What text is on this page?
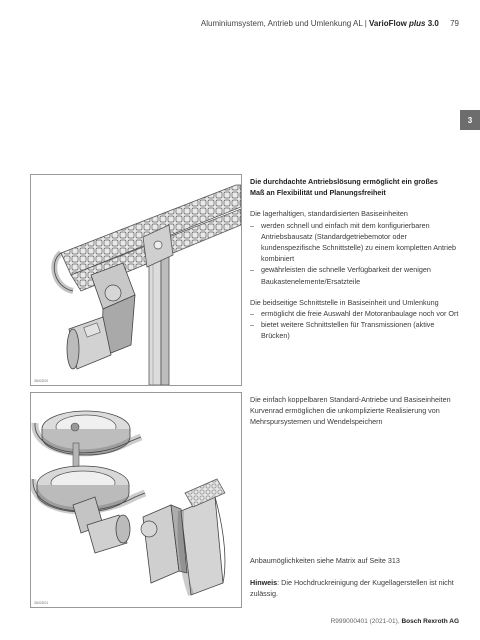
Aluminiumsystem, Antrieb und Umlenkung AL | VarioFlow plus 3.0 79
3
3842D00
3842D01

Die durchdachte Antriebslösung ermöglicht ein großes
Maß an Flexibilität und Planungsfreiheit

Die lagerhaltigen, standardisierten Basiseinheiten

– werden schnell und einfach mit dem konfigurierbaren Antriebsbausatz (Standardgetriebemotor oder kundenspezifische Schnittstelle) zu einem kompletten Antrieb kombiniert
– gewährleisten die schnelle Verfügbarkeit der wenigen Baukastenelemente/Ersatzteile

Die beidseitige Schnittstelle in Basiseinheit und Umlenkung

– ermöglicht die freie Auswahl der Motoranbaulage noch vor Ort
– bietet weitere Schnittstellen für Transmissionen (aktive Brücken)

Die einfach koppelbaren Standard-Antriebe und Basiseinheiten Kurvenrad ermöglichen die unkomplizierte Realisierung von Mehrspursystemen und Wendelspeichern

Anbaumöglichkeiten siehe Matrix auf Seite 313

Hinweis: Die Hochdruckreinigung der Kugellagerstellen ist nicht zulässig.

R999000401 (2021-01), Bosch Rexroth AG
